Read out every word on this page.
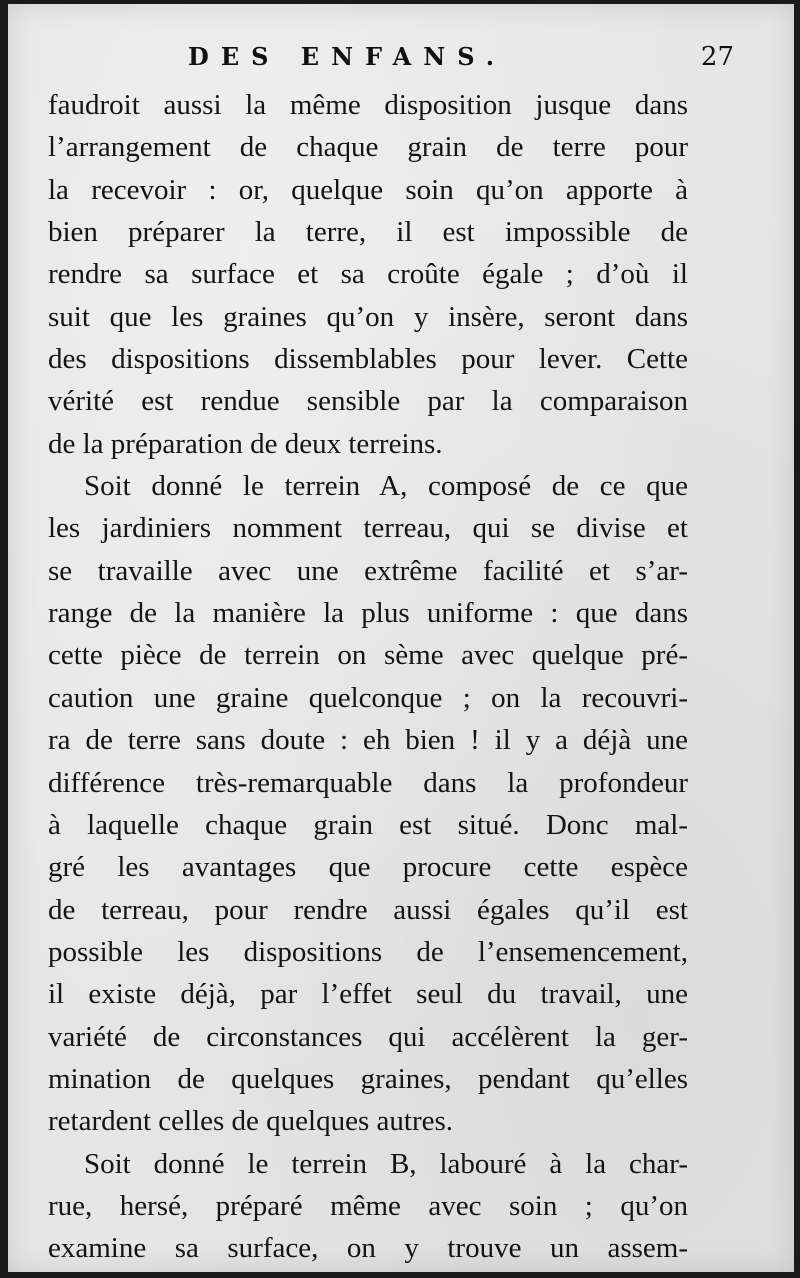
DES ENFANS.	27
faudroit aussi la même disposition jusque dans
l’arrangement de chaque grain de terre pour
la recevoir : or, quelque soin qu’on apporte à
bien préparer la terre, il est impossible de
rendre sa surface et sa croûte égale ; d’où il
suit que les graines qu’on y insère, seront dans
des dispositions dissemblables pour lever. Cette
vérité est rendue sensible par la comparaison
de la préparation de deux terreins.
Soit donné le terrein A, composé de ce que
les jardiniers nomment terreau, qui se divise et
se travaille avec une extrême facilité et s’ar-
range de la manière la plus uniforme : que dans
cette pièce de terrein on sème avec quelque pré-
caution une graine quelconque ; on la recouvri-
ra de terre sans doute : eh bien ! il y a déjà une
différence très-remarquable dans la profondeur
à laquelle chaque grain est situé. Donc mal-
gré les avantages que procure cette espèce
de terreau, pour rendre aussi égales qu’il est
possible les dispositions de l’ensemencement,
il existe déjà, par l’effet seul du travail, une
variété de circonstances qui accélèrent la ger-
mination de quelques graines, pendant qu’elles
retardent celles de quelques autres.
Soit donné le terrein B, labouré à la char-
rue, hersé, préparé même avec soin ; qu’on
examine sa surface, on y trouve un assem-
